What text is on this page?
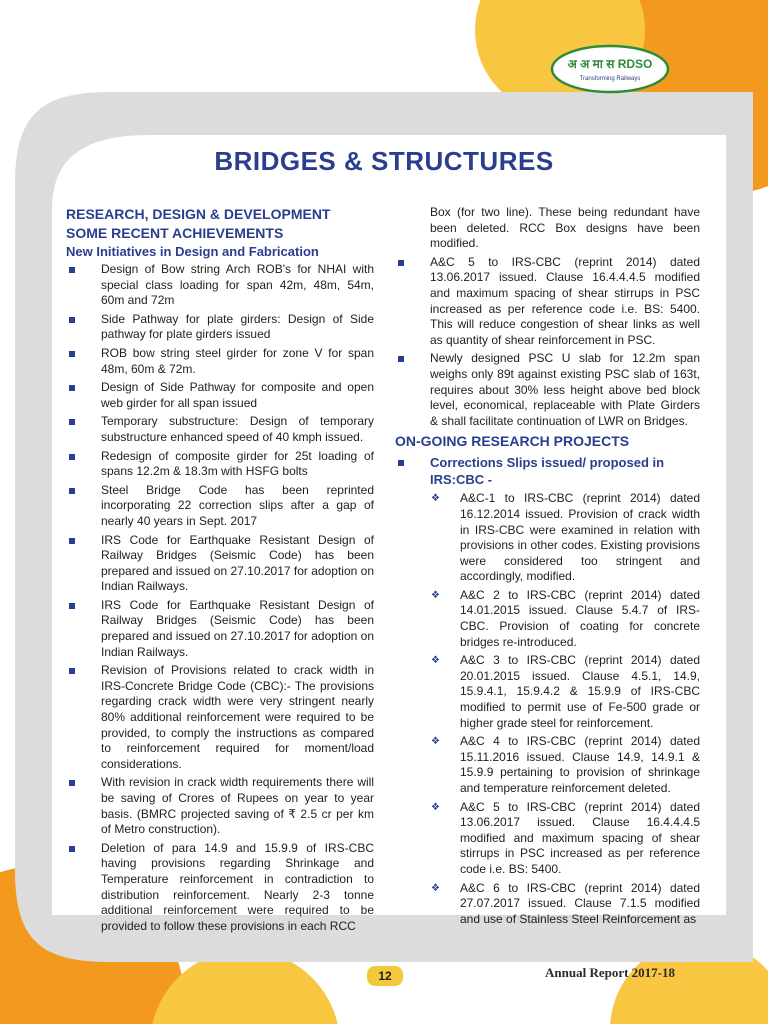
अ अ मा स RDSO
Transforming Railways
BRIDGES & STRUCTURES
RESEARCH, DESIGN & DEVELOPMENT
SOME RECENT ACHIEVEMENTS
New Initiatives in Design and Fabrication
Design of Bow string Arch ROB's for NHAI with special class loading for span 42m, 48m, 54m, 60m and 72m
Side Pathway for plate girders: Design of Side pathway for plate girders issued
ROB bow string steel girder for zone V for span 48m, 60m & 72m.
Design of Side Pathway for composite and open web girder for all span issued
Temporary substructure: Design of temporary substructure enhanced speed of 40 kmph issued.
Redesign of composite girder for 25t loading of spans 12.2m & 18.3m with HSFG bolts
Steel Bridge Code has been reprinted incorporating 22 correction slips after a gap of nearly 40 years in Sept. 2017
IRS Code for Earthquake Resistant Design of Railway Bridges (Seismic Code) has been prepared and issued on 27.10.2017 for adoption on Indian Railways.
IRS Code for Earthquake Resistant Design of Railway Bridges (Seismic Code) has been prepared and issued on 27.10.2017 for adoption on Indian Railways.
Revision of Provisions related to crack width in IRS-Concrete Bridge Code (CBC):- The provisions regarding crack width were very stringent nearly 80% additional reinforcement were required to be provided, to comply the instructions as compared to reinforcement required for moment/load considerations.
With revision in crack width requirements there will be saving of Crores of Rupees on year to year basis. (BMRC projected saving of ₹ 2.5 cr per km of Metro construction).
Deletion of para 14.9 and 15.9.9 of IRS-CBC having provisions regarding Shrinkage and Temperature reinforcement in contradiction to distribution reinforcement. Nearly 2-3 tonne additional reinforcement were required to be provided to follow these provisions in each RCC
Box (for two line). These being redundant have been deleted. RCC Box designs have been modified.
A&C 5 to IRS-CBC (reprint 2014) dated 13.06.2017 issued. Clause 16.4.4.4.5 modified and maximum spacing of shear stirrups in PSC increased as per reference code i.e. BS: 5400. This will reduce congestion of shear links as well as quantity of shear reinforcement in PSC.
Newly designed PSC U slab for 12.2m span weighs only 89t against existing PSC slab of 163t, requires about 30% less height above bed block level, economical, replaceable with Plate Girders & shall facilitate continuation of LWR on Bridges.
ON-GOING RESEARCH PROJECTS
Corrections Slips issued/ proposed in IRS:CBC -
❖ A&C-1 to IRS-CBC (reprint 2014) dated 16.12.2014 issued. Provision of crack width in IRS-CBC were examined in relation with provisions in other codes. Existing provisions were considered too stringent and accordingly, modified.
❖ A&C 2 to IRS-CBC (reprint 2014) dated 14.01.2015 issued. Clause 5.4.7 of IRS-CBC. Provision of coating for concrete bridges re-introduced.
❖ A&C 3 to IRS-CBC (reprint 2014) dated 20.01.2015 issued. Clause 4.5.1, 14.9, 15.9.4.1, 15.9.4.2 & 15.9.9 of IRS-CBC modified to permit use of Fe-500 grade or higher grade steel for reinforcement.
❖ A&C 4 to IRS-CBC (reprint 2014) dated 15.11.2016 issued. Clause 14.9, 14.9.1 & 15.9.9 pertaining to provision of shrinkage and temperature reinforcement deleted.
❖ A&C 5 to IRS-CBC (reprint 2014) dated 13.06.2017 issued. Clause 16.4.4.4.5 modified and maximum spacing of shear stirrups in PSC increased as per reference code i.e. BS: 5400.
❖ A&C 6 to IRS-CBC (reprint 2014) dated 27.07.2017 issued. Clause 7.1.5 modified and use of Stainless Steel Reinforcement as
12	Annual Report 2017-18
